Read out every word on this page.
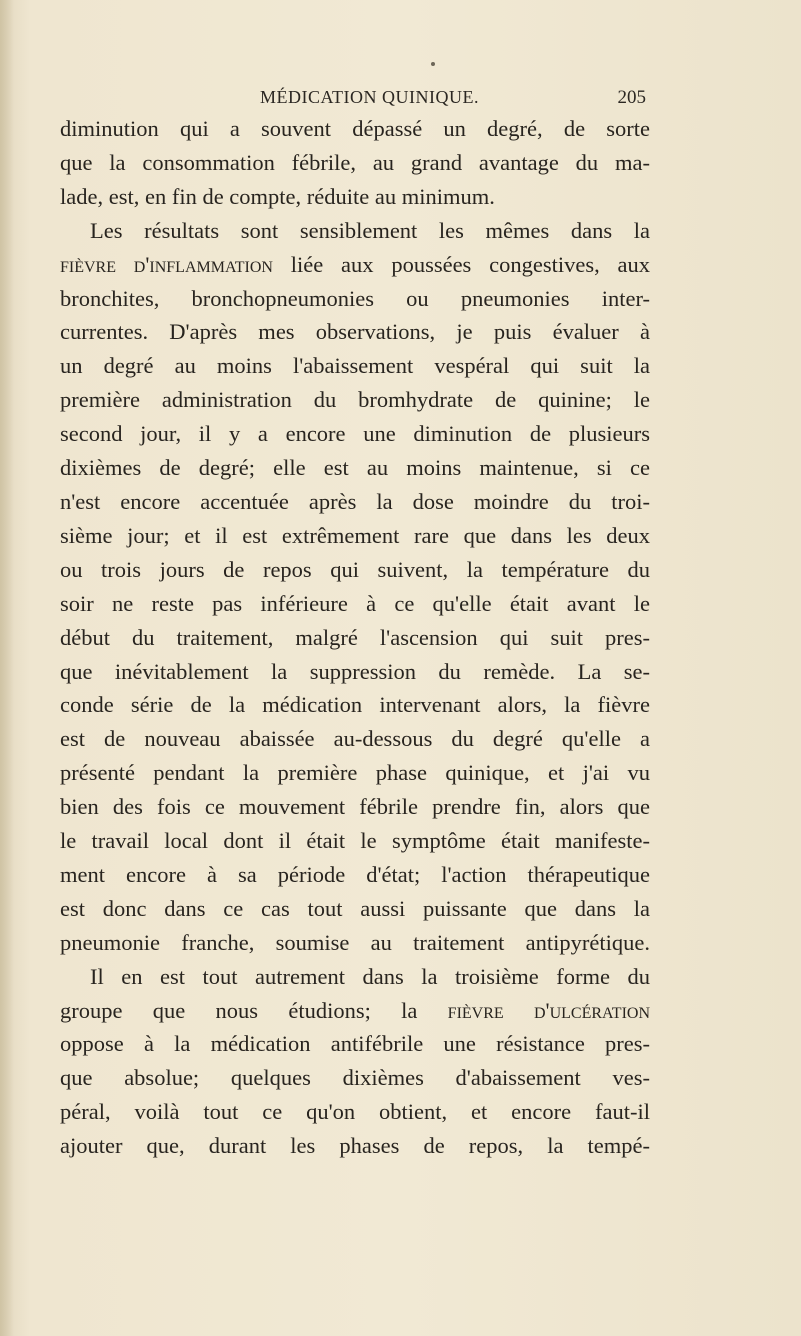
MÉDICATION QUINIQUE.	205
diminution qui a souvent dépassé un degré, de sorte
que la consommation fébrile, au grand avantage du ma-
lade, est, en fin de compte, réduite au minimum.
Les résultats sont sensiblement les mêmes dans la
fièvre d'inflammation liée aux poussées congestives, aux
bronchites, bronchopneumonies ou pneumonies inter-
currentes. D'après mes observations, je puis évaluer à
un degré au moins l'abaissement vespéral qui suit la
première administration du bromhydrate de quinine; le
second jour, il y a encore une diminution de plusieurs
dixièmes de degré; elle est au moins maintenue, si ce
n'est encore accentuée après la dose moindre du troi-
sième jour; et il est extrêmement rare que dans les deux
ou trois jours de repos qui suivent, la température du
soir ne reste pas inférieure à ce qu'elle était avant le
début du traitement, malgré l'ascension qui suit pres-
que inévitablement la suppression du remède. La se-
conde série de la médication intervenant alors, la fièvre
est de nouveau abaissée au-dessous du degré qu'elle a
présenté pendant la première phase quinique, et j'ai vu
bien des fois ce mouvement fébrile prendre fin, alors que
le travail local dont il était le symptôme était manifeste-
ment encore à sa période d'état; l'action thérapeutique
est donc dans ce cas tout aussi puissante que dans la
pneumonie franche, soumise au traitement antipyrétique.
Il en est tout autrement dans la troisième forme du
groupe que nous étudions; la fièvre d'ulcération
oppose à la médication antifébrile une résistance pres-
que absolue; quelques dixièmes d'abaissement ves-
péral, voilà tout ce qu'on obtient, et encore faut-il
ajouter que, durant les phases de repos, la tempé-
